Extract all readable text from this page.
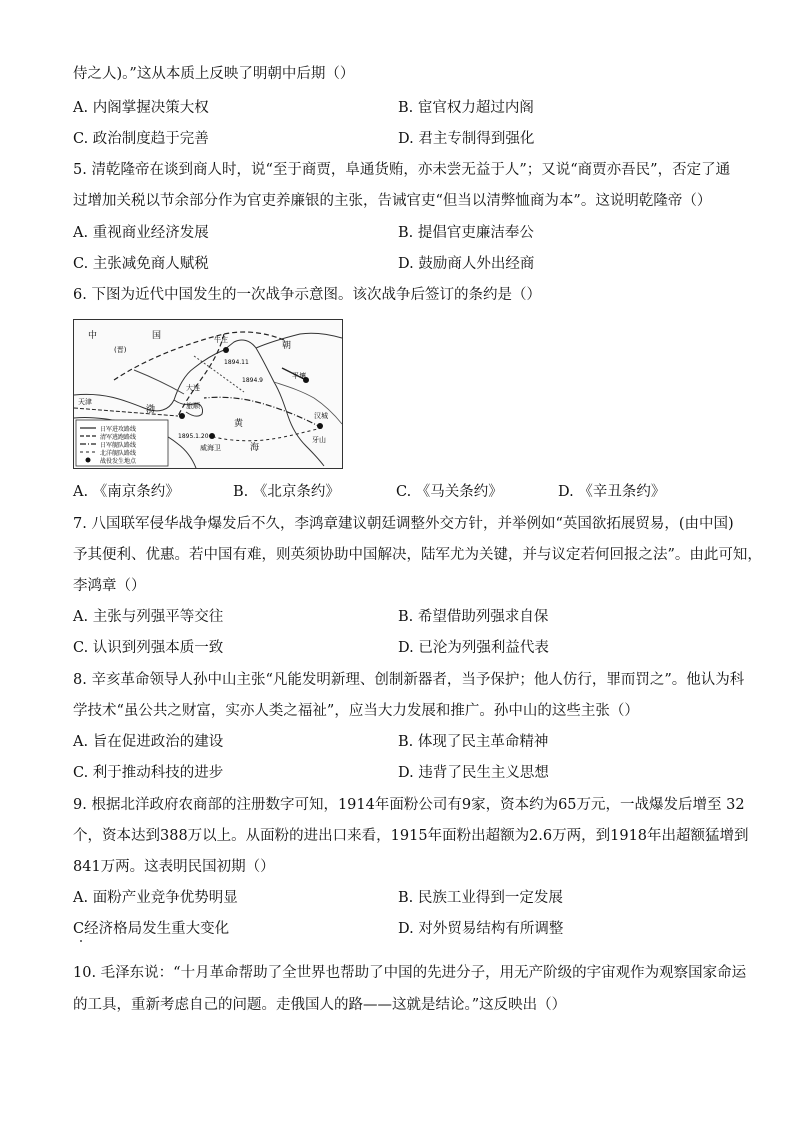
侍之人)。”这从本质上反映了明朝中后期（）
A. 内阁掌握决策大权	B. 宦官权力超过内阁
C. 政治制度趋于完善	D. 君主专制得到强化
5. 清乾隆帝在谈到商人时，说“至于商贾，阜通货贿，亦未尝无益于人”；又说“商贾亦吾民”，否定了通
过增加关税以节余部分作为官吏养廉银的主张，告诫官吏“但当以清弊恤商为本”。这说明乾隆帝（）
A. 重视商业经济发展	B. 提倡官吏廉洁奉公
C. 主张减免商人赋税	D. 鼓励商人外出经商
6. 下图为近代中国发生的一次战争示意图。该次战争后签订的条约是（）
日军进攻路线
清军逃跑路线
日军舰队路线
北洋舰队路线
战役发生地点
中	国
(晋)	朝
渤
黄
海
大连
旅顺
威海卫
牛庄
平壤
汉城
牙山
天津
1894.9
1894.11
1895.1.20
A. 《南京条约》	B. 《北京条约》	C. 《马关条约》	D. 《辛丑条约》
7. 八国联军侵华战争爆发后不久，李鸿章建议朝廷调整外交方针，并举例如“英国欲拓展贸易，(由中国)
予其便利、优惠。若中国有难，则英须协助中国解决，陆军尤为关键，并与议定若何回报之法”。由此可知，
李鸿章（）
A. 主张与列强平等交往	B. 希望借助列强求自保
C. 认识到列强本质一致	D. 已沦为列强利益代表
8. 辛亥革命领导人孙中山主张“凡能发明新理、创制新器者，当予保护；他人仿行，罪而罚之”。他认为科
学技术“虽公共之财富，实亦人类之福祉”，应当大力发展和推广。孙中山的这些主张（）
A. 旨在促进政治的建设	B. 体现了民主革命精神
C. 利于推动科技的进步	D. 违背了民生主义思想
9. 根据北洋政府农商部的注册数字可知，1914年面粉公司有9家，资本约为65万元，一战爆发后增至 32
个，资本达到388万以上。从面粉的进出口来看，1915年面粉出超额为2.6万两，到1918年出超额猛增到
841万两。这表明民国初期（）
A. 面粉产业竞争优势明显	B. 民族工业得到一定发展
C经济格局发生重大变化	D. 对外贸易结构有所调整
10. 毛泽东说：“十月革命帮助了全世界也帮助了中国的先进分子，用无产阶级的宇宙观作为观察国家命运
的工具，重新考虑自己的问题。走俄国人的路——这就是结论。”这反映出（）
